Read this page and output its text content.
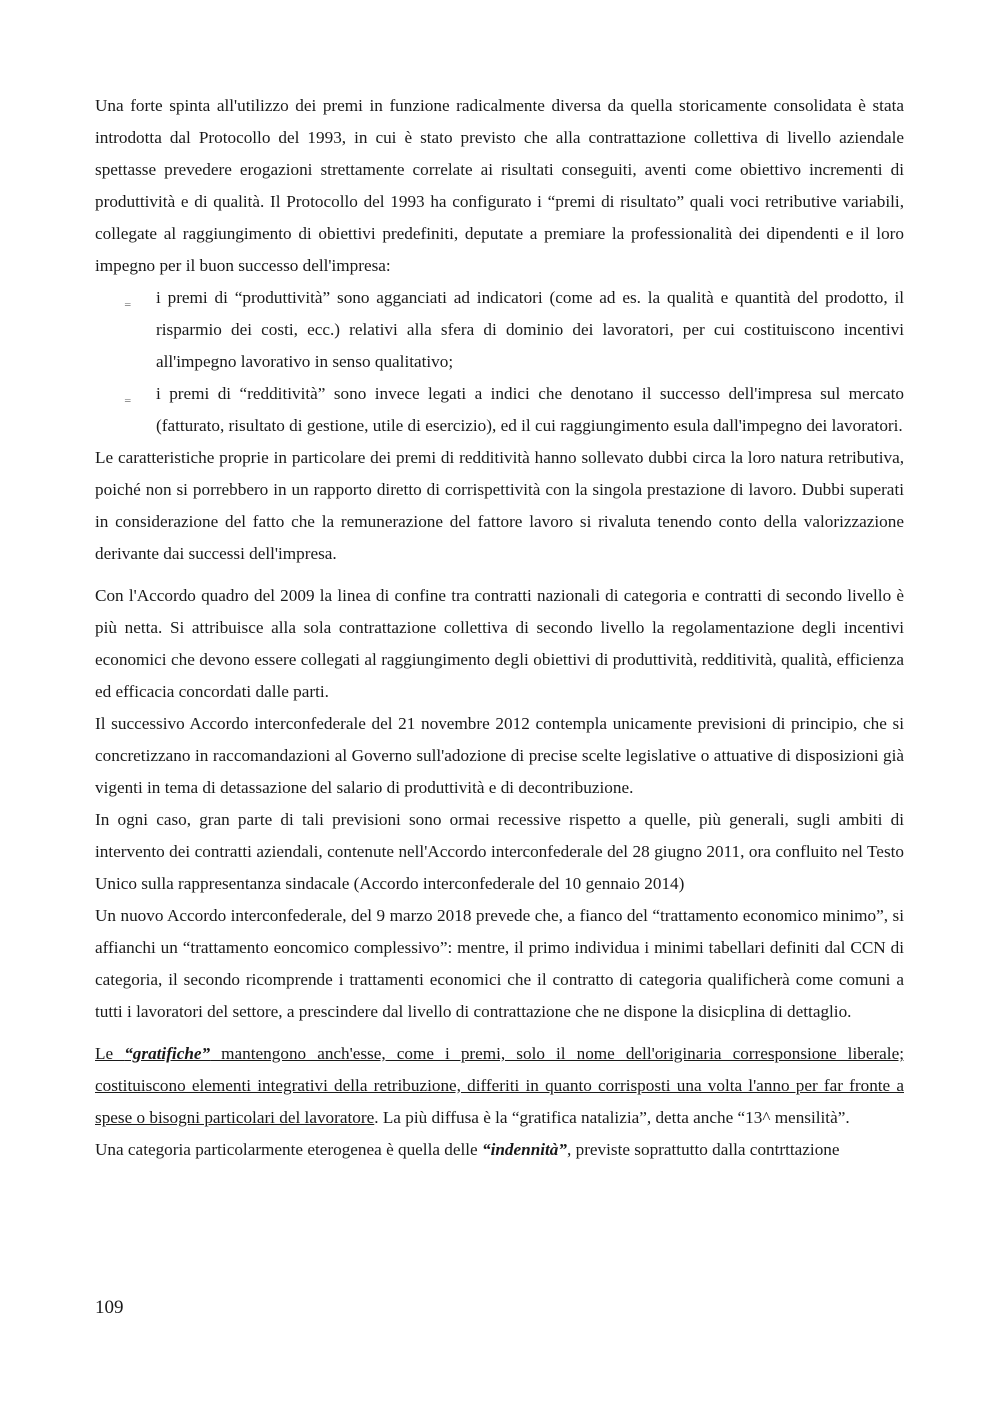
Una forte spinta all'utilizzo dei premi in funzione radicalmente diversa da quella storicamente consolidata è stata introdotta dal Protocollo del 1993, in cui è stato previsto che alla contrattazione collettiva di livello aziendale spettasse prevedere erogazioni strettamente correlate ai risultati conseguiti, aventi come obiettivo incrementi di produttività e di qualità. Il Protocollo del 1993 ha configurato i “premi di risultato” quali voci retributive variabili, collegate al raggiungimento di obiettivi predefiniti, deputate a premiare la professionalità dei dipendenti e il loro impegno per il buon successo dell'impresa:

‗ i premi di “produttività” sono agganciati ad indicatori (come ad es. la qualità e quantità del prodotto, il risparmio dei costi, ecc.) relativi alla sfera di dominio dei lavoratori, per cui costituiscono incentivi all'impegno lavorativo in senso qualitativo;
‗ i premi di “redditività” sono invece legati a indici che denotano il successo dell'impresa sul mercato (fatturato, risultato di gestione, utile di esercizio), ed il cui raggiungimento esula dall'impegno dei lavoratori.

Le caratteristiche proprie in particolare dei premi di redditività hanno sollevato dubbi circa la loro natura retributiva, poiché non si porrebbero in un rapporto diretto di corrispettività con la singola prestazione di lavoro. Dubbi superati in considerazione del fatto che la remunerazione del fattore lavoro si rivaluta tenendo conto della valorizzazione derivante dai successi dell'impresa.

Con l'Accordo quadro del 2009 la linea di confine tra contratti nazionali di categoria e contratti di secondo livello è più netta. Si attribuisce alla sola contrattazione collettiva di secondo livello la regolamentazione degli incentivi economici che devono essere collegati al raggiungimento degli obiettivi di produttività, redditività, qualità, efficienza ed efficacia concordati dalle parti.

Il successivo Accordo interconfederale del 21 novembre 2012 contempla unicamente previsioni di principio, che si concretizzano in raccomandazioni al Governo sull'adozione di precise scelte legislative o attuative di disposizioni già vigenti in tema di detassazione del salario di produttività e di decontribuzione.

In ogni caso, gran parte di tali previsioni sono ormai recessive rispetto a quelle, più generali, sugli ambiti di intervento dei contratti aziendali, contenute nell'Accordo interconfederale del 28 giugno 2011, ora confluito nel Testo Unico sulla rappresentanza sindacale (Accordo interconfederale del 10 gennaio 2014)

Un nuovo Accordo interconfederale, del 9 marzo 2018 prevede che, a fianco del “trattamento economico minimo”, si affianchi un “trattamento eoncomico complessivo”: mentre, il primo individua i minimi tabellari definiti dal CCN di categoria, il secondo ricomprende i trattamenti economici che il contratto di categoria qualificherà come comuni a tutti i lavoratori del settore, a prescindere dal livello di contrattazione che ne dispone la disicplina di dettaglio.

Le “gratifiche” mantengono anch'esse, come i premi, solo il nome dell'originaria corresponsione liberale; costituiscono elementi integrativi della retribuzione, differiti in quanto corrisposti una volta l'anno per far fronte a spese o bisogni particolari del lavoratore. La più diffusa è la “gratifica natalizia”, detta anche “13^ mensilità”.

Una categoria particolarmente eterogenea è quella delle “indennità”, previste soprattutto dalla contrttazione

109
